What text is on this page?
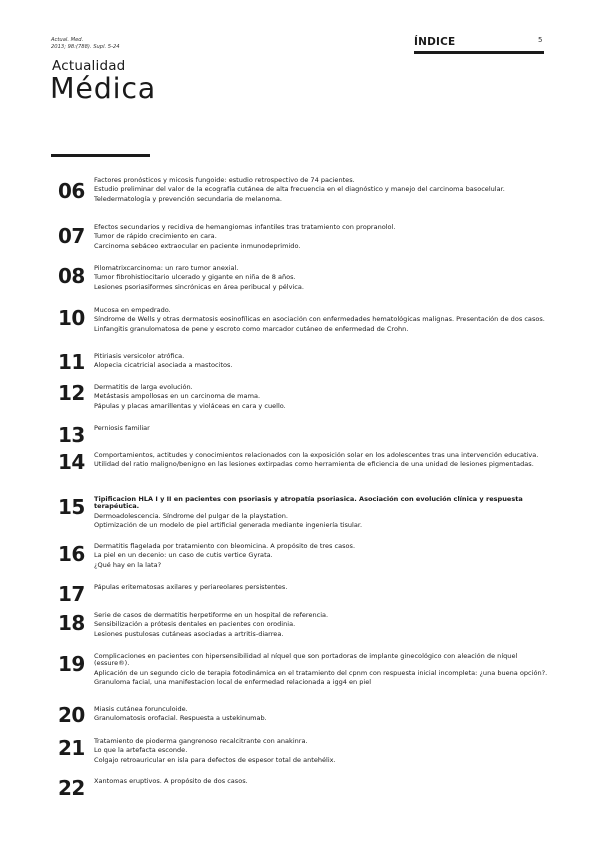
Actual. Med.
2013; 98:(788). Supl. 5-24	ÍNDICE	5
Actualidad
Médica
06 Factores pronósticos y micosis fungoide: estudio retrospectivo de 74 pacientes.
Estudio preliminar del valor de la ecografía cutánea de alta frecuencia en el diagnóstico y manejo del carcinoma basocelular.
Teledermatología y prevención secundaria de melanoma.
07 Efectos secundarios y recidiva de hemangiomas infantiles tras tratamiento con propranolol.
Tumor de rápido crecimiento en cara.
Carcinoma sebáceo extraocular en paciente inmunodeprimido.
08 Pilomatrixcarcinoma: un raro tumor anexial.
Tumor fibrohistiocitario ulcerado y gigante en niña de 8 años.
Lesiones psoriasiformes sincrónicas en área peribucal y pélvica.
10 Mucosa en empedrado.
Síndrome de Wells y otras dermatosis eosinofílicas en asociación con enfermedades hematológicas malignas. Presentación de dos casos.
Linfangitis granulomatosa de pene y escroto como marcador cutáneo de enfermedad de Crohn.
11 Pitiriasis versicolor atrófica.
Alopecia cicatricial asociada a mastocitos.
12 Dermatitis de larga evolución.
Metástasis ampollosas en un carcinoma de mama.
Pápulas y placas amarillentas y violáceas en cara y cuello.
13 Perniosis familiar
14 Comportamientos, actitudes y conocimientos relacionados con la exposición solar en los adolescentes tras una intervención educativa.
Utilidad del ratio maligno/benigno en las lesiones extirpadas como herramienta de eficiencia de una unidad de lesiones pigmentadas.
15 Tipificacion HLA I y II en pacientes con psoriasis y atropatía psoriasica. Asociación con evolución clínica y respuesta terapéutica.
Dermoadolescencia. Síndrome del pulgar de la playstation.
Optimización de un modelo de piel artificial generada mediante ingeniería tisular.
16 Dermatitis flagelada por tratamiento con bleomicina. A propósito de tres casos.
La piel en un decenio: un caso de cutis vertice Gyrata.
¿Qué hay en la lata?
17 Pápulas eritematosas axilares y periareolares persistentes.
18 Serie de casos de dermatitis herpetiforme en un hospital de referencia.
Sensibilización a prótesis dentales en pacientes con orodinia.
Lesiones pustulosas cutáneas asociadas a artritis-diarrea.
19 Complicaciones en pacientes con hipersensibilidad al níquel que son portadoras de implante ginecológico con aleación de níquel (essure®).
Aplicación de un segundo ciclo de terapia fotodinámica en el tratamiento del cpnm con respuesta inicial incompleta: ¿una buena opción?.
Granuloma facial, una manifestacion local de enfermedad relacionada a igg4 en piel
20 Miasis cutánea forunculoide.
Granulomatosis orofacial. Respuesta a ustekinumab.
21 Tratamiento de pioderma gangrenoso recalcitrante con anakinra.
Lo que la artefacta esconde.
Colgajo retroauricular en isla para defectos de espesor total de antehélix.
22 Xantomas eruptivos. A propósito de dos casos.
